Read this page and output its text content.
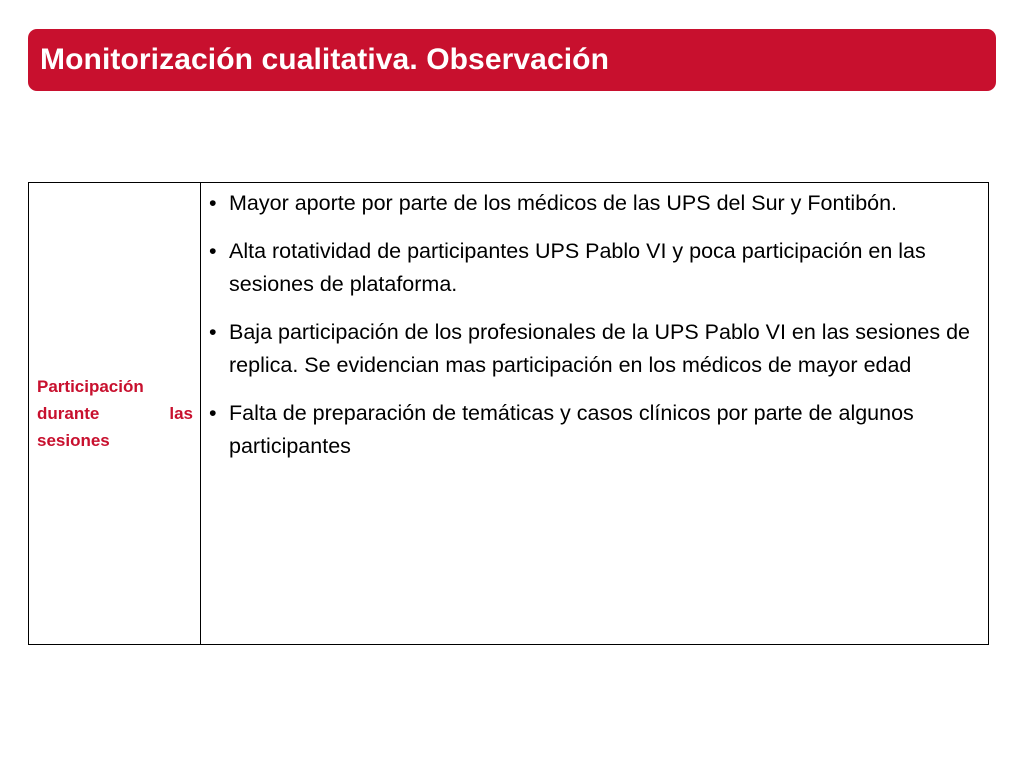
Monitorización cualitativa. Observación
Participación durante las sesiones

• Mayor aporte por parte de los médicos de las UPS del Sur y Fontibón.
• Alta rotatividad de participantes UPS Pablo VI y poca participación en las sesiones de plataforma.
• Baja participación de los profesionales de la UPS Pablo VI en las sesiones de replica. Se evidencian mas participación en los médicos de mayor edad
• Falta de preparación de temáticas y casos clínicos por parte de algunos participantes
